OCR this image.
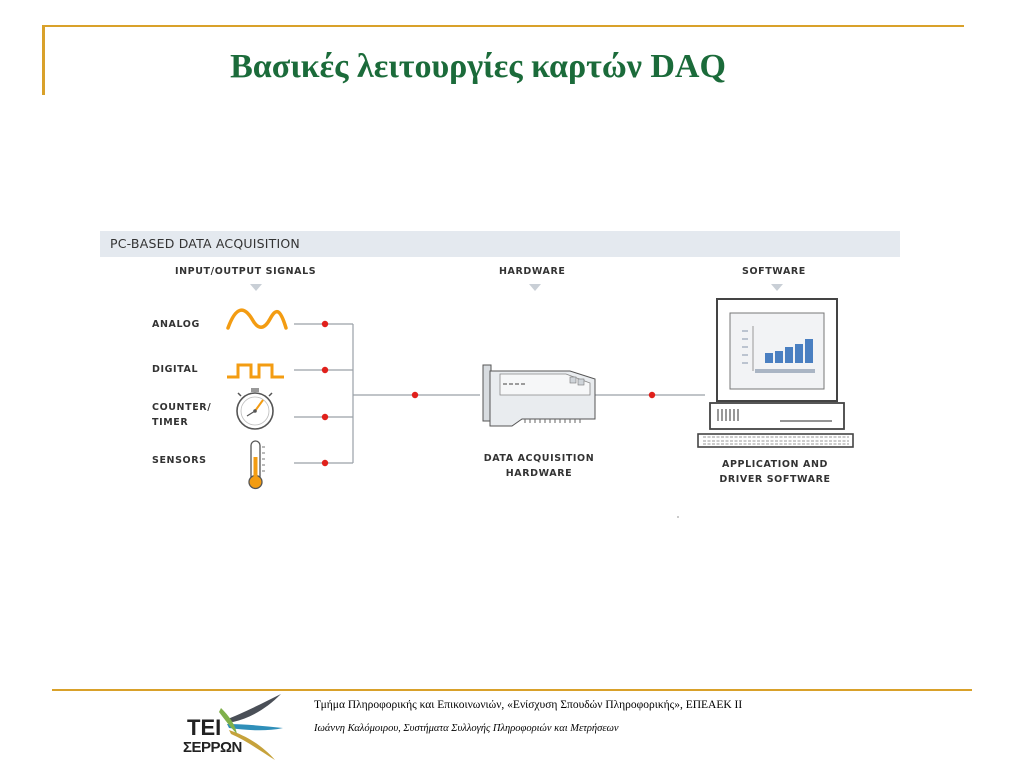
Βασικές λειτουργίες καρτών DAQ
PC-BASED DATA ACQUISITION
INPUT/OUTPUT SIGNALS	HARDWARE	SOFTWARE
ANALOG
DIGITAL
COUNTER/
TIMER
SENSORS	DATA ACQUISITION
HARDWARE
APPLICATION AND
DRIVER SOFTWARE
ΤΕΙ
ΣΕΡΡΩΝ
Τμήμα Πληροφορικής και Επικοινωνιών, «Ενίσχυση Σπουδών Πληροφορικής», ΕΠΕΑΕΚ ΙΙ
Ιωάννη Καλόμοιρου, Συστήματα Συλλογής Πληροφοριών και Μετρήσεων
